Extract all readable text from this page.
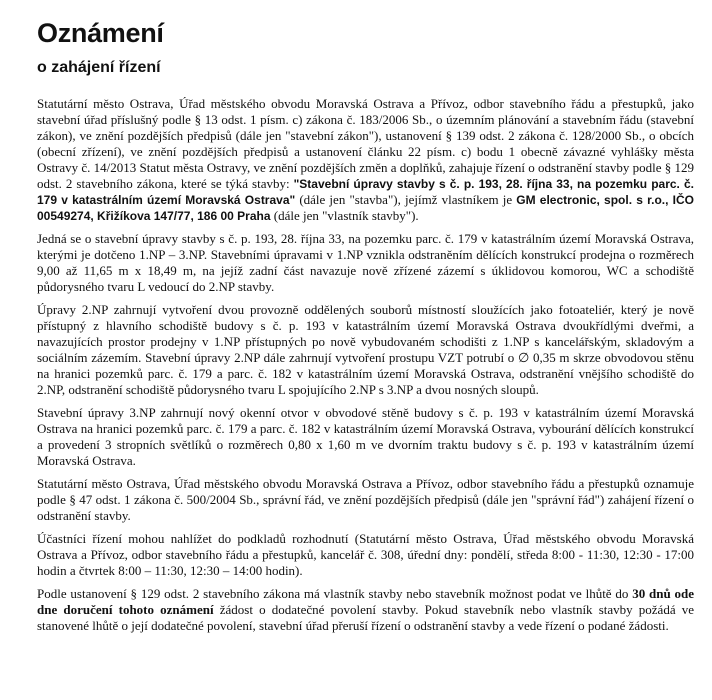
Oznámení
o zahájení řízení

Statutární město Ostrava, Úřad městského obvodu Moravská Ostrava a Přívoz, odbor stavebního řádu a přestupků, jako stavební úřad příslušný podle § 13 odst. 1 písm. c) zákona č. 183/2006 Sb., o územním plánování a stavebním řádu (stavební zákon), ve znění pozdějších předpisů (dále jen "stavební zákon"), ustanovení § 139 odst. 2 zákona č. 128/2000 Sb., o obcích (obecní zřízení), ve znění pozdějších předpisů a ustanovení článku 22 písm. c) bodu 1 obecně závazné vyhlášky města Ostravy č. 14/2013 Statut města Ostravy, ve znění pozdějších změn a doplňků, zahajuje řízení o odstranění stavby podle § 129 odst. 2 stavebního zákona, které se týká stavby: "Stavební úpravy stavby s č. p. 193, 28. října 33, na pozemku parc. č. 179 v katastrálním území Moravská Ostrava" (dále jen "stavba"), jejímž vlastníkem je GM electronic, spol. s r.o., IČO 00549274, Křižíkova 147/77, 186 00 Praha (dále jen "vlastník stavby").

Jedná se o stavební úpravy stavby s č. p. 193, 28. října 33, na pozemku parc. č. 179 v katastrálním území Moravská Ostrava, kterými je dotčeno 1.NP – 3.NP. Stavebními úpravami v 1.NP vznikla odstraněním dělících konstrukcí prodejna o rozměrech 9,00 až 11,65 m x 18,49 m, na jejíž zadní část navazuje nově zřízené zázemí s úklidovou komorou, WC a schodiště půdorysného tvaru L vedoucí do 2.NP stavby.

Úpravy 2.NP zahrnují vytvoření dvou provozně oddělených souborů místností sloužících jako fotoateliér, který je nově přístupný z hlavního schodiště budovy s č. p. 193 v katastrálním území Moravská Ostrava dvoukřídlými dveřmi, a navazujících prostor prodejny v 1.NP přístupných po nově vybudovaném schodišti z 1.NP s kancelářským, skladovým a sociálním zázemím. Stavební úpravy 2.NP dále zahrnují vytvoření prostupu VZT potrubí o ∅ 0,35 m skrze obvodovou stěnu na hranici pozemků parc. č. 179 a parc. č. 182 v katastrálním území Moravská Ostrava, odstranění vnějšího schodiště do 2.NP, odstranění schodiště půdorysného tvaru L spojujícího 2.NP s 3.NP a dvou nosných sloupů.

Stavební úpravy 3.NP zahrnují nový okenní otvor v obvodové stěně budovy s č. p. 193 v katastrálním území Moravská Ostrava na hranici pozemků parc. č. 179 a parc. č. 182 v katastrálním území Moravská Ostrava, vybourání dělících konstrukcí a provedení 3 stropních světlíků o rozměrech 0,80 x 1,60 m ve dvorním traktu budovy s č. p. 193 v katastrálním území Moravská Ostrava.

Statutární město Ostrava, Úřad městského obvodu Moravská Ostrava a Přívoz, odbor stavebního řádu a přestupků oznamuje podle § 47 odst. 1 zákona č. 500/2004 Sb., správní řád, ve znění pozdějších předpisů (dále jen "správní řád") zahájení řízení o odstranění stavby.

Účastníci řízení mohou nahlížet do podkladů rozhodnutí (Statutární město Ostrava, Úřad městského obvodu Moravská Ostrava a Přívoz, odbor stavebního řádu a přestupků, kancelář č. 308, úřední dny: pondělí, středa 8:00 - 11:30, 12:30 - 17:00 hodin a čtvrtek 8:00 – 11:30, 12:30 – 14:00 hodin).

Podle ustanovení § 129 odst. 2 stavebního zákona má vlastník stavby nebo stavebník možnost podat ve lhůtě do 30 dnů ode dne doručení tohoto oznámení žádost o dodatečné povolení stavby. Pokud stavebník nebo vlastník stavby požádá ve stanovené lhůtě o její dodatečné povolení, stavební úřad přeruší řízení o odstranění stavby a vede řízení o podané žádosti.
